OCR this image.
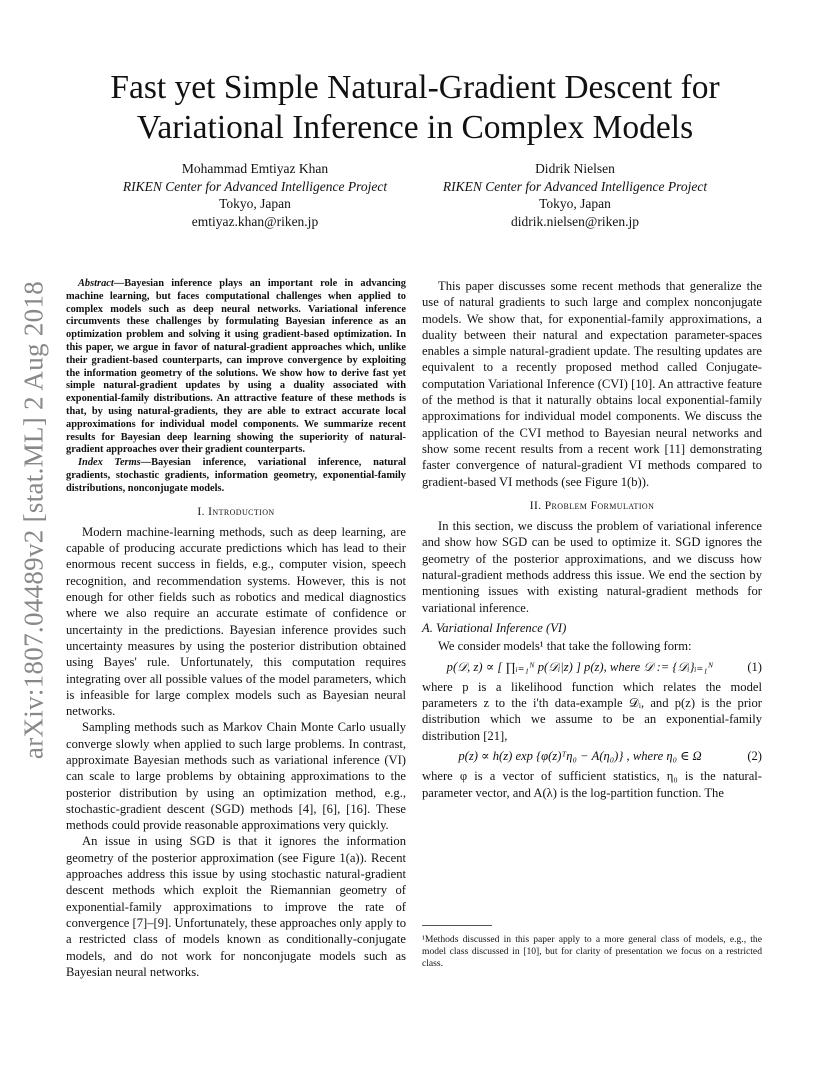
arXiv:1807.04489v2 [stat.ML] 2 Aug 2018
Fast yet Simple Natural-Gradient Descent for Variational Inference in Complex Models
Mohammad Emtiyaz Khan
RIKEN Center for Advanced Intelligence Project
Tokyo, Japan
emtiyaz.khan@riken.jp
Didrik Nielsen
RIKEN Center for Advanced Intelligence Project
Tokyo, Japan
didrik.nielsen@riken.jp

Abstract—Bayesian inference plays an important role in advancing machine learning, but faces computational challenges when applied to complex models such as deep neural networks. Variational inference circumvents these challenges by formulating Bayesian inference as an optimization problem and solving it using gradient-based optimization. In this paper, we argue in favor of natural-gradient approaches which, unlike their gradient-based counterparts, can improve convergence by exploiting the information geometry of the solutions. We show how to derive fast yet simple natural-gradient updates by using a duality associated with exponential-family distributions. An attractive feature of these methods is that, by using natural-gradients, they are able to extract accurate local approximations for individual model components. We summarize recent results for Bayesian deep learning showing the superiority of natural-gradient approaches over their gradient counterparts.

Index Terms—Bayesian inference, variational inference, natural gradients, stochastic gradients, information geometry, exponential-family distributions, nonconjugate models.

I. Introduction

Modern machine-learning methods, such as deep learning, are capable of producing accurate predictions which has lead to their enormous recent success in fields, e.g., computer vision, speech recognition, and recommendation systems. However, this is not enough for other fields such as robotics and medical diagnostics where we also require an accurate estimate of confidence or uncertainty in the predictions. Bayesian inference provides such uncertainty measures by using the posterior distribution obtained using Bayes' rule. Unfortunately, this computation requires integrating over all possible values of the model parameters, which is infeasible for large complex models such as Bayesian neural networks.

Sampling methods such as Markov Chain Monte Carlo usually converge slowly when applied to such large problems. In contrast, approximate Bayesian methods such as variational inference (VI) can scale to large problems by obtaining approximations to the posterior distribution by using an optimization method, e.g., stochastic-gradient descent (SGD) methods [4], [6], [16]. These methods could provide reasonable approximations very quickly.

An issue in using SGD is that it ignores the information geometry of the posterior approximation (see Figure 1(a)). Recent approaches address this issue by using stochastic natural-gradient descent methods which exploit the Riemannian geometry of exponential-family approximations to improve the rate of convergence [7]–[9]. Unfortunately, these approaches only apply to a restricted class of models known as conditionally-conjugate models, and do not work for nonconjugate models such as Bayesian neural networks.

This paper discusses some recent methods that generalize the use of natural gradients to such large and complex nonconjugate models. We show that, for exponential-family approximations, a duality between their natural and expectation parameter-spaces enables a simple natural-gradient update. The resulting updates are equivalent to a recently proposed method called Conjugate-computation Variational Inference (CVI) [10]. An attractive feature of the method is that it naturally obtains local exponential-family approximations for individual model components. We discuss the application of the CVI method to Bayesian neural networks and show some recent results from a recent work [11] demonstrating faster convergence of natural-gradient VI methods compared to gradient-based VI methods (see Figure 1(b)).

II. Problem Formulation

In this section, we discuss the problem of variational inference and show how SGD can be used to optimize it. SGD ignores the geometry of the posterior approximations, and we discuss how natural-gradient methods address this issue. We end the section by mentioning issues with existing natural-gradient methods for variational inference.

A. Variational Inference (VI)

We consider models¹ that take the following form:

p(𝒟, z) ∝ [ ∏ᵢ₌₁ᴺ p(𝒟ᵢ|z) ] p(z), where 𝒟 := {𝒟ᵢ}ᵢ₌₁ᴺ	(1)

where p is a likelihood function which relates the model parameters z to the i'th data-example 𝒟ᵢ, and p(z) is the prior distribution which we assume to be an exponential-family distribution [21],

p(z) ∝ h(z) exp {φ(z)ᵀη₀ − A(η₀)} , where η₀ ∈ Ω	(2)

where φ is a vector of sufficient statistics, η₀ is the natural-parameter vector, and A(λ) is the log-partition function. The

¹Methods discussed in this paper apply to a more general class of models, e.g., the model class discussed in [10], but for clarity of presentation we focus on a restricted class.
